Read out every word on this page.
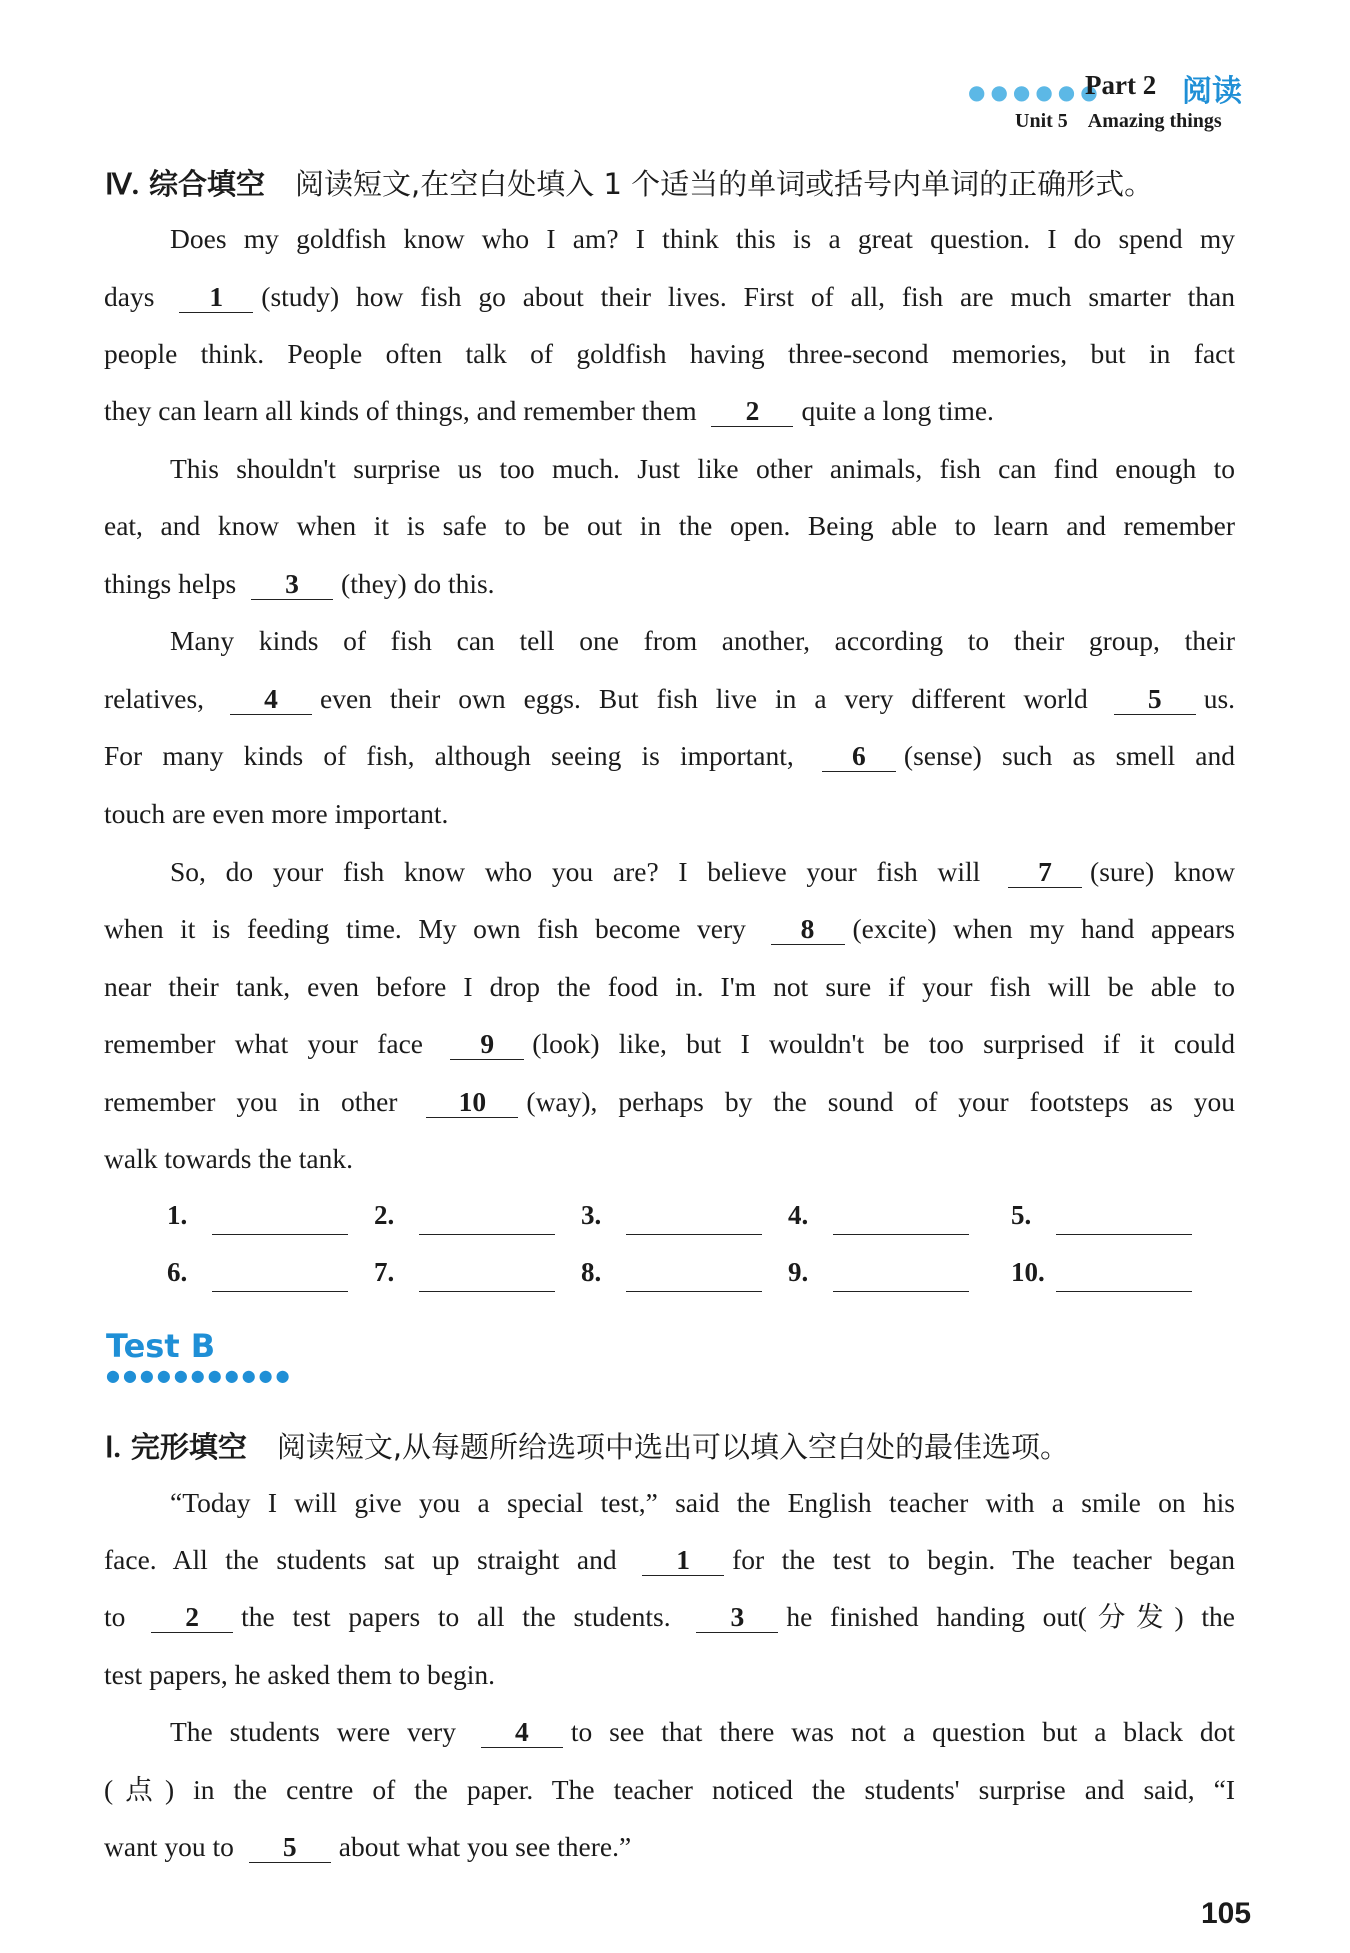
●●●●●●
Part 2 阅读
Unit 5 Amazing things
Ⅳ. 综合填空 阅读短文,在空白处填入 1 个适当的单词或括号内单词的正确形式。
Does my goldfish know who I am? I think this is a great question. I do spend my
days 1 (study) how fish go about their lives. First of all, fish are much smarter than
people think. People often talk of goldfish having three-second memories, but in fact
they can learn all kinds of things, and remember them 2 quite a long time.
This shouldn't surprise us too much. Just like other animals, fish can find enough to
eat, and know when it is safe to be out in the open. Being able to learn and remember
things helps 3 (they) do this.
Many kinds of fish can tell one from another, according to their group, their
relatives, 4 even their own eggs. But fish live in a very different world 5 us.
For many kinds of fish, although seeing is important, 6 (sense) such as smell and
touch are even more important.
So, do your fish know who you are? I believe your fish will 7 (sure) know
when it is feeding time. My own fish become very 8 (excite) when my hand appears
near their tank, even before I drop the food in. I'm not sure if your fish will be able to
remember what your face 9 (look) like, but I wouldn't be too surprised if it could
remember you in other 10 (way), perhaps by the sound of your footsteps as you
walk towards the tank.
1.	2.	3.	4.	5.
6.	7.	8.	9.	10.
Test B
●●●●●●●●●●●
Ⅰ. 完形填空 阅读短文,从每题所给选项中选出可以填入空白处的最佳选项。
“Today I will give you a special test,” said the English teacher with a smile on his
face. All the students sat up straight and 1 for the test to begin. The teacher began
to 2 the test papers to all the students. 3 he finished handing out(分发) the
test papers, he asked them to begin.
The students were very 4 to see that there was not a question but a black dot
(点) in the centre of the paper. The teacher noticed the students' surprise and said, “I
want you to 5 about what you see there.”
105
